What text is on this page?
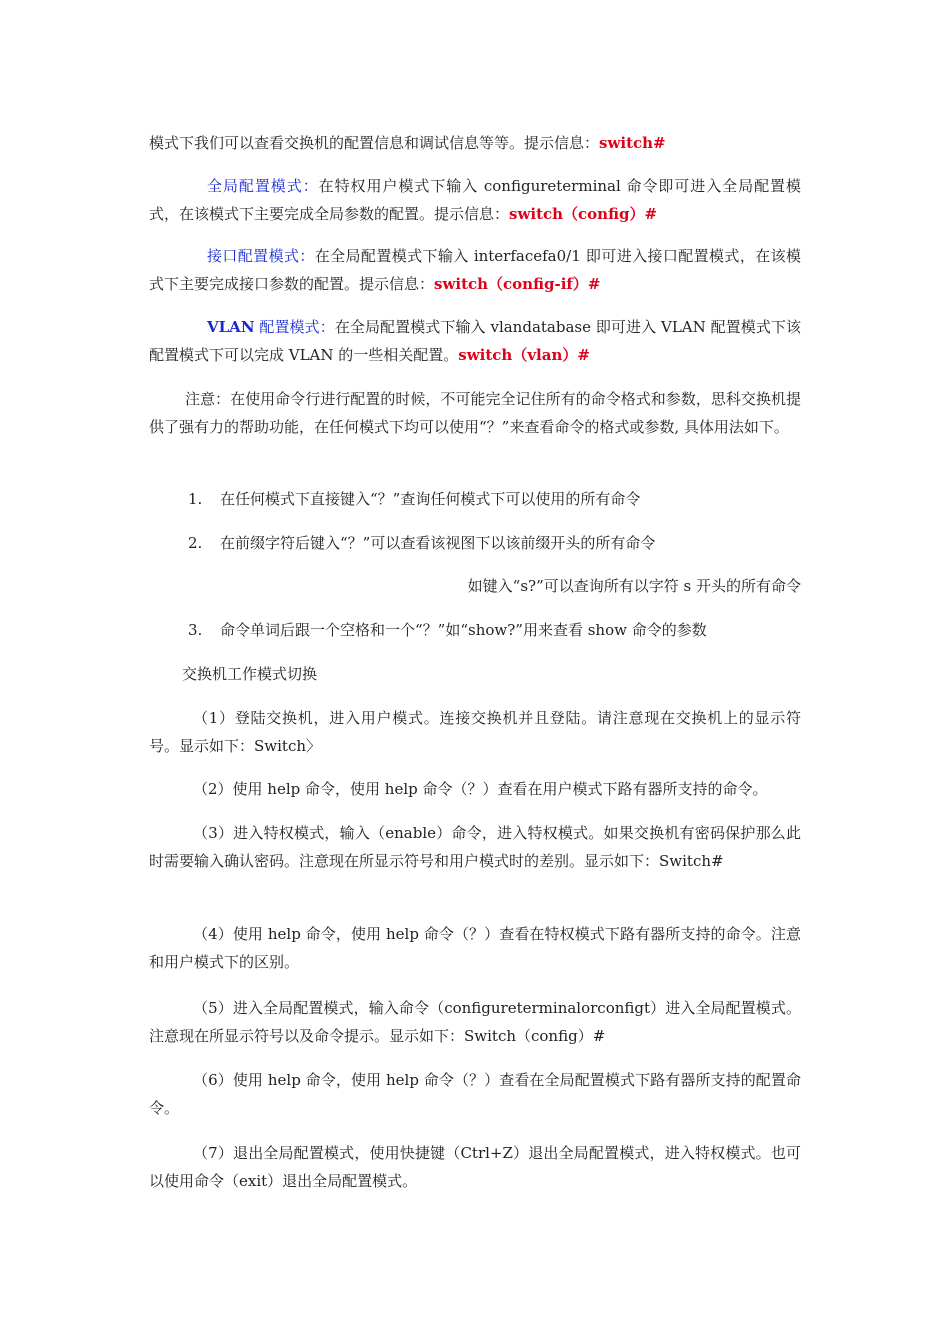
模式下我们可以查看交换机的配置信息和调试信息等等。提示信息：switch#

全局配置模式：在特权用户模式下输入 configureterminal 命令即可进入全局配置模式，在该模式下主要完成全局参数的配置。提示信息：switch（config）#

接口配置模式：在全局配置模式下输入 interfacefa0/1 即可进入接口配置模式，在该模式下主要完成接口参数的配置。提示信息：switch（config-if）#

VLAN 配置模式：在全局配置模式下输入 vlandatabase 即可进入 VLAN 配置模式下该配置模式下可以完成 VLAN 的一些相关配置。switch（vlan）#

注意：在使用命令行进行配置的时候，不可能完全记住所有的命令格式和参数，思科交换机提供了强有力的帮助功能，在任何模式下均可以使用“？”来查看命令的格式或参数, 具体用法如下。

1. 在任何模式下直接键入“？”查询任何模式下可以使用的所有命令

2. 在前缀字符后键入“？”可以查看该视图下以该前缀开头的所有命令

如键入“s?”可以查询所有以字符 s 开头的所有命令

3. 命令单词后跟一个空格和一个“？”如“show?”用来查看 show 命令的参数

交换机工作模式切换

（1）登陆交换机，进入用户模式。连接交换机并且登陆。请注意现在交换机上的显示符号。显示如下：Switch〉

（2）使用 help 命令，使用 help 命令（？）查看在用户模式下路有器所支持的命令。

（3）进入特权模式，输入（enable）命令，进入特权模式。如果交换机有密码保护那么此时需要输入确认密码。注意现在所显示符号和用户模式时的差别。显示如下：Switch#

（4）使用 help 命令，使用 help 命令（？）查看在特权模式下路有器所支持的命令。注意和用户模式下的区别。

（5）进入全局配置模式，输入命令（configureterminalorconfigt）进入全局配置模式。注意现在所显示符号以及命令提示。显示如下：Switch（config）#

（6）使用 help 命令，使用 help 命令（？）查看在全局配置模式下路有器所支持的配置命令。

（7）退出全局配置模式，使用快捷键（Ctrl+Z）退出全局配置模式，进入特权模式。也可以使用命令（exit）退出全局配置模式。
